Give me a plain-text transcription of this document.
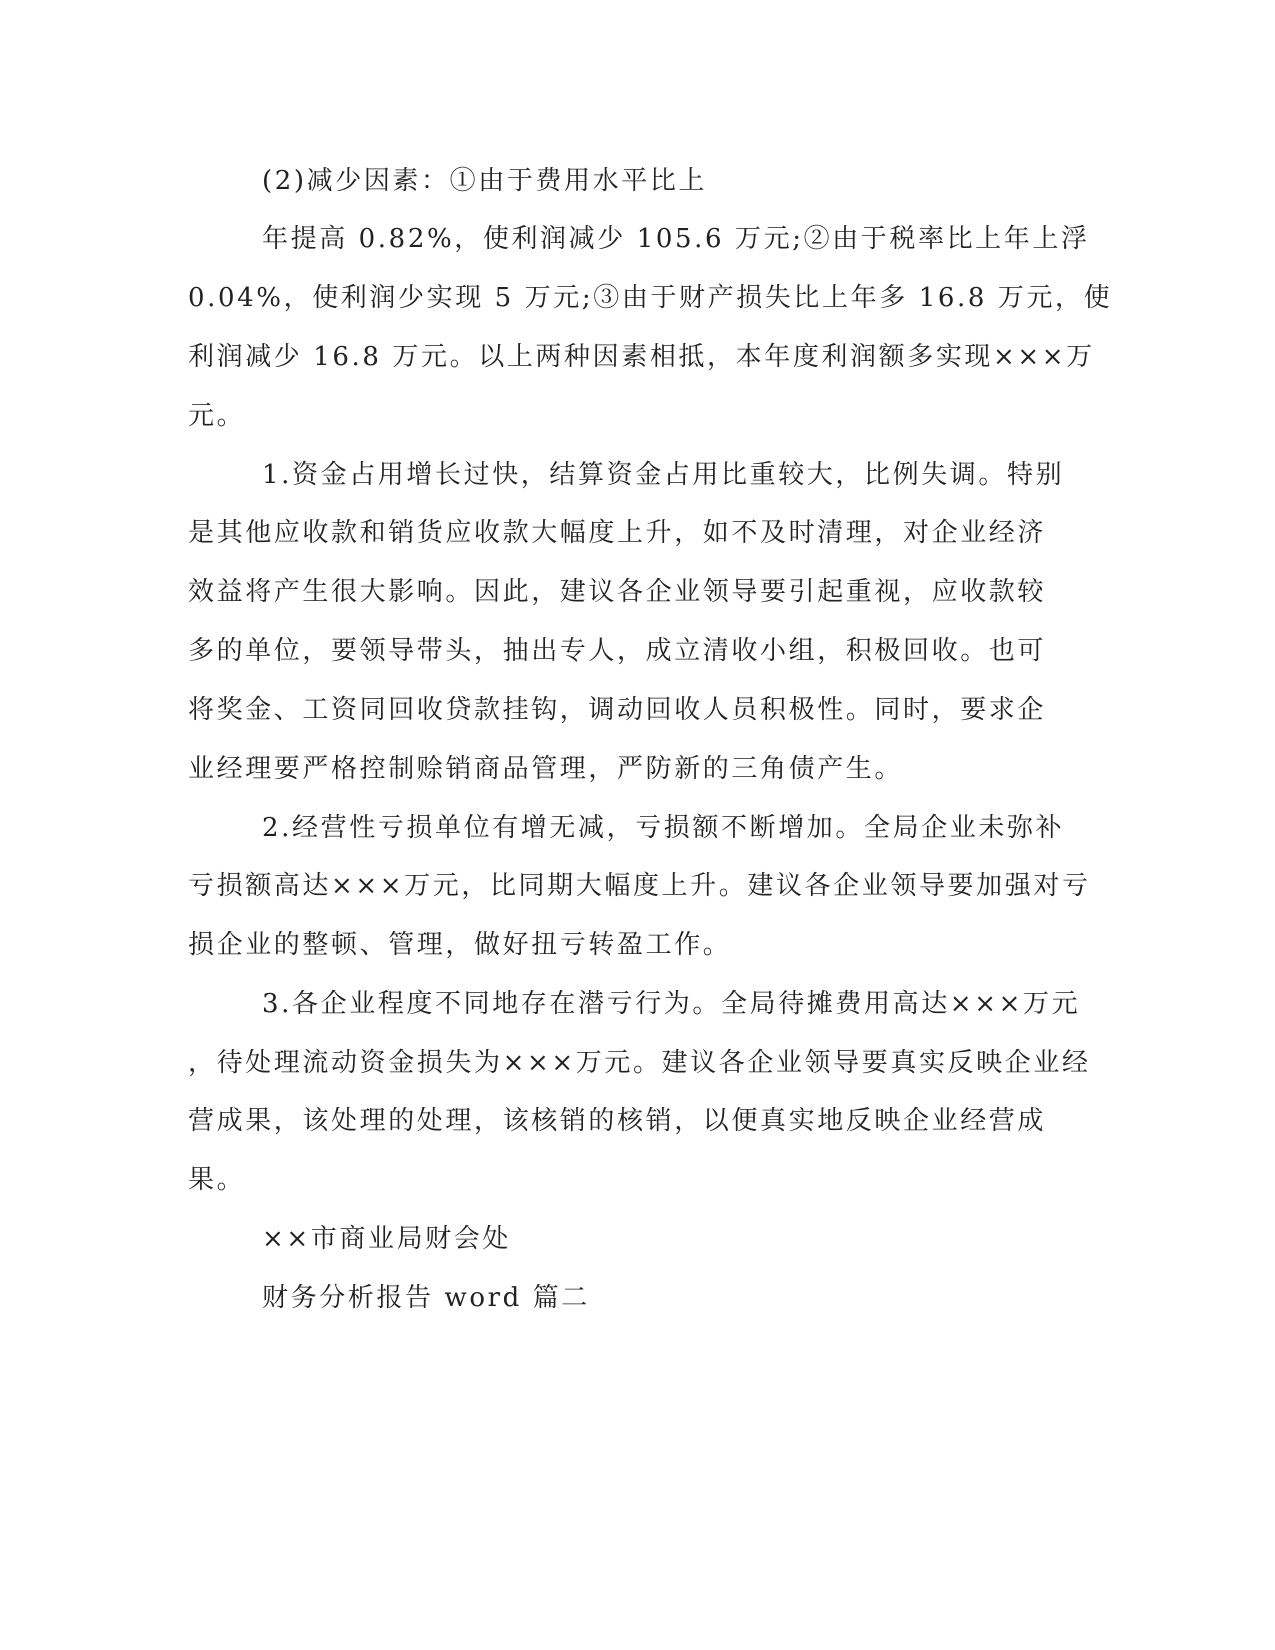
(2)减少因素：①由于费用水平比上
年提高 0.82%，使利润减少 105.6 万元;②由于税率比上年上浮
0.04%，使利润少实现 5 万元;③由于财产损失比上年多 16.8 万元，使
利润减少 16.8 万元。以上两种因素相抵，本年度利润额多实现×××万
元。
1.资金占用增长过快，结算资金占用比重较大，比例失调。特别
是其他应收款和销货应收款大幅度上升，如不及时清理，对企业经济
效益将产生很大影响。因此，建议各企业领导要引起重视，应收款较
多的单位，要领导带头，抽出专人，成立清收小组，积极回收。也可
将奖金、工资同回收贷款挂钩，调动回收人员积极性。同时，要求企
业经理要严格控制赊销商品管理，严防新的三角债产生。
2.经营性亏损单位有增无减，亏损额不断增加。全局企业未弥补
亏损额高达×××万元，比同期大幅度上升。建议各企业领导要加强对亏
损企业的整顿、管理，做好扭亏转盈工作。
3.各企业程度不同地存在潜亏行为。全局待摊费用高达×××万元
，待处理流动资金损失为×××万元。建议各企业领导要真实反映企业经
营成果，该处理的处理，该核销的核销，以便真实地反映企业经营成
果。
××市商业局财会处
财务分析报告 word 篇二
